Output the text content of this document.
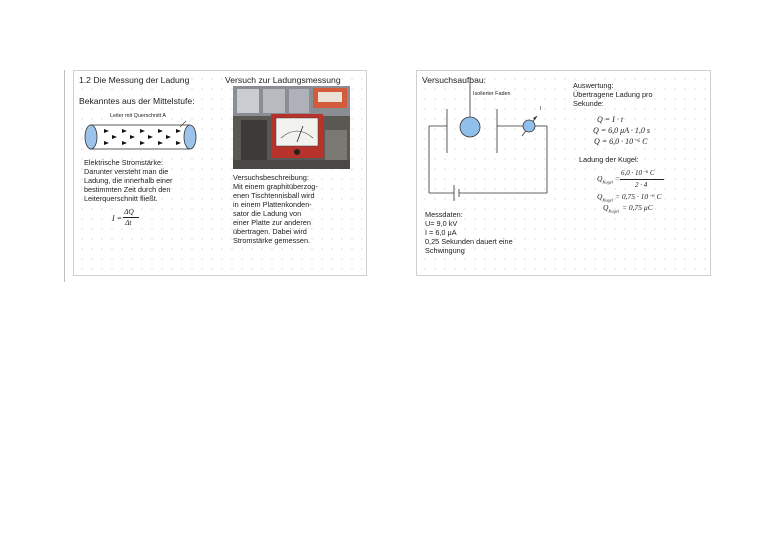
1.2 Die Messung der Ladung	Versuch zur Ladungsmessung
Bekanntes aus der Mittelstufe:
Leiter mit Querschnitt A
Elektrische Stromstärke:
Darunter versteht man die
Ladung, die innerhalb einer
bestimmten Zeit durch den
Leiterquerschnitt fließt.
I =
ΔQ
Δt
Versuchsbeschreibung:
Mit einem graphitüberzog-
enen Tischtennisball wird
in einem Plattenkonden-
sator die Ladung von
einer Platte zur anderen
übertragen. Dabei wird
Stromstärke gemessen.
Versuchsaufbau:
Isolierter Faden
I
Messdaten:
U= 9,0 kV
I = 6,0 μA
0,25 Sekunden dauert eine
Schwingung
Auswertung:
Übertragene Ladung pro
Sekunde:
Q = I · t
Q = 6,0 μA · 1,0 s
Q = 6,0 · 10⁻⁶ C
Ladung der Kugel:
$Q_{Kugel}$
6,0 · 10⁻⁶ C
2 · 4
=
$Q_{Kugel} = 0,75 \cdot 10^{-6}$ C
$Q_{Kugel} = 0,75$ μC
